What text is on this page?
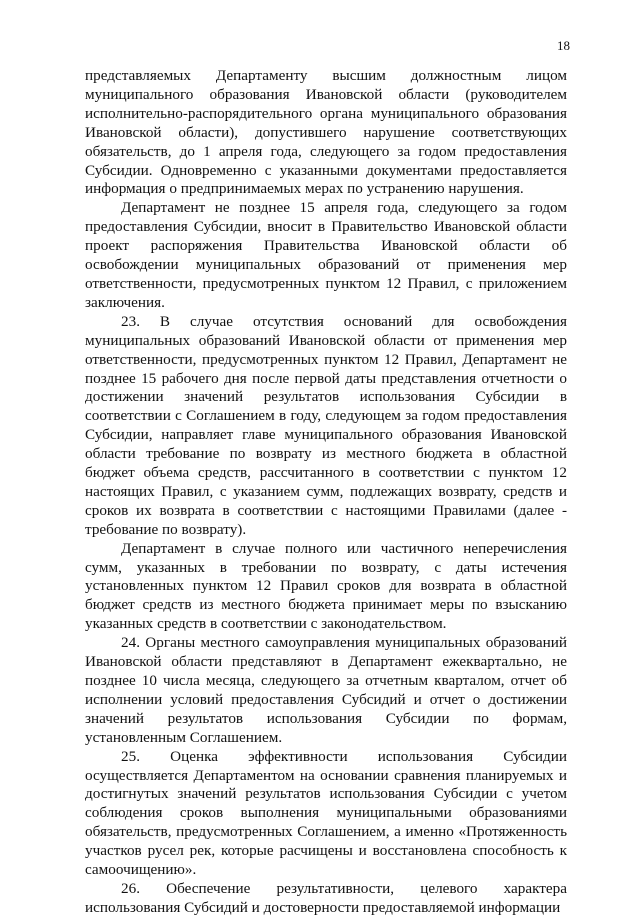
18

представляемых Департаменту высшим должностным лицом муниципального образования Ивановской области (руководителем исполнительно-распорядительного органа муниципального образования Ивановской области), допустившего нарушение соответствующих обязательств, до 1 апреля года, следующего за годом предоставления Субсидии. Одновременно с указанными документами предоставляется информация о предпринимаемых мерах по устранению нарушения.

Департамент не позднее 15 апреля года, следующего за годом предоставления Субсидии, вносит в Правительство Ивановской области проект распоряжения Правительства Ивановской области об освобождении муниципальных образований от применения мер ответственности, предусмотренных пунктом 12 Правил, с приложением заключения.

23. В случае отсутствия оснований для освобождения муниципальных образований Ивановской области от применения мер ответственности, предусмотренных пунктом 12 Правил, Департамент не позднее 15 рабочего дня после первой даты представления отчетности о достижении значений результатов использования Субсидии в соответствии с Соглашением в году, следующем за годом предоставления Субсидии, направляет главе муниципального образования Ивановской области требование по возврату из местного бюджета в областной бюджет объема средств, рассчитанного в соответствии с пунктом 12 настоящих Правил, с указанием сумм, подлежащих возврату, средств и сроков их возврата в соответствии с настоящими Правилами (далее - требование по возврату).

Департамент в случае полного или частичного неперечисления сумм, указанных в требовании по возврату, с даты истечения установленных пунктом 12 Правил сроков для возврата в областной бюджет средств из местного бюджета принимает меры по взысканию указанных средств в соответствии с законодательством.

24. Органы местного самоуправления муниципальных образований Ивановской области представляют в Департамент ежеквартально, не позднее 10 числа месяца, следующего за отчетным кварталом, отчет об исполнении условий предоставления Субсидий и отчет о достижении значений результатов использования Субсидии по формам, установленным Соглашением.

25. Оценка эффективности использования Субсидии осуществляется Департаментом на основании сравнения планируемых и достигнутых значений результатов использования Субсидии с учетом соблюдения сроков выполнения муниципальными образованиями обязательств, предусмотренных Соглашением, а именно «Протяженность участков русел рек, которые расчищены и восстановлена способность к самоочищению».

26. Обеспечение результативности, целевого характера использования Субсидий и достоверности предоставляемой информации
